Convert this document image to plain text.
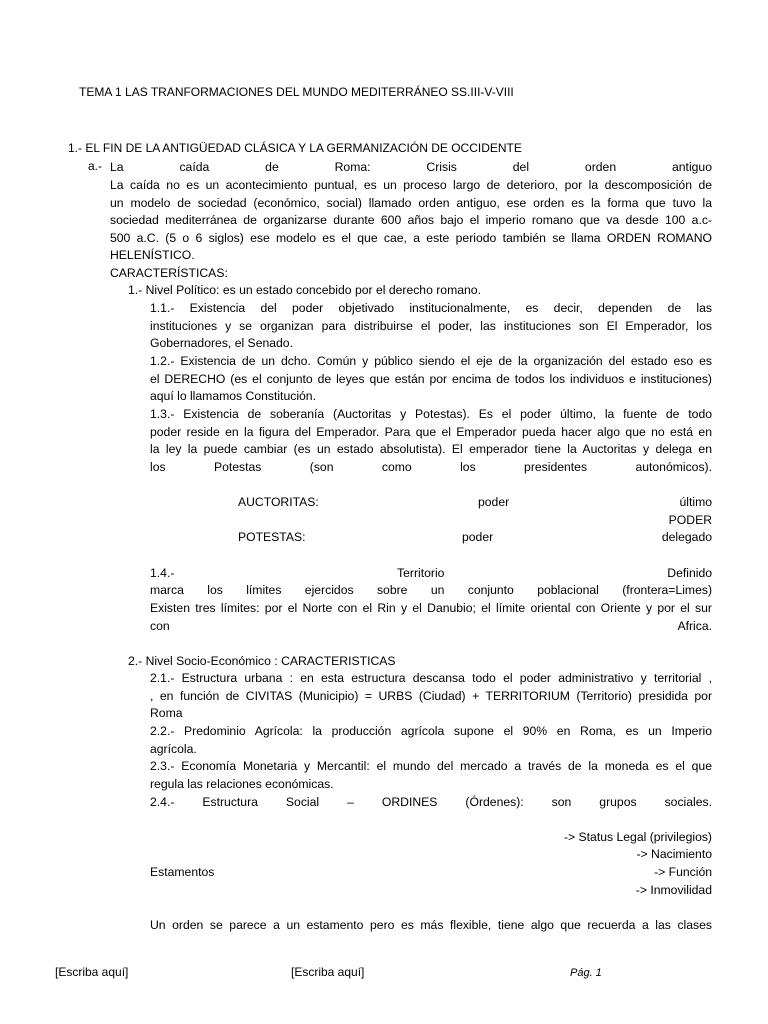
TEMA 1 LAS TRANFORMACIONES DEL MUNDO MEDITERRÁNEO SS.III-V-VIII
1.- EL FIN DE LA ANTIGÜEDAD CLÁSICA Y LA GERMANIZACIÓN DE OCCIDENTE
a.- La caída de Roma: Crisis del orden antiguo
La caída no es un acontecimiento puntual, es un proceso largo de deterioro, por la descomposición de
un modelo de sociedad (económico, social) llamado orden antiguo, ese orden es la forma que tuvo la
sociedad mediterránea de organizarse durante 600 años bajo el imperio romano que va desde 100 a.c-
500 a.C. (5 o 6 siglos) ese modelo es el que cae, a este periodo también se llama ORDEN ROMANO
HELENÍSTICO.
CARACTERÍSTICAS:
1.- Nivel Político: es un estado concebido por el derecho romano.
1.1.- Existencia del poder objetivado institucionalmente, es decir, dependen de las
instituciones y se organizan para distribuirse el poder, las instituciones son El Emperador, los
Gobernadores, el Senado.
1.2.- Existencia de un dcho. Común y público siendo el eje de la organización del estado eso es
el DERECHO (es el conjunto de leyes que están por encima de todos los individuos e instituciones)
aquí lo llamamos Constitución.
1.3.- Existencia de soberanía (Auctoritas y Potestas). Es el poder último, la fuente de todo
poder reside en la figura del Emperador. Para que el Emperador pueda hacer algo que no está en
la ley la puede cambiar (es un estado absolutista). El emperador tiene la Auctoritas y delega en
los Potestas (son como los presidentes autonómicos).
AUCTORITAS:	poder	último
PODER
POTESTAS:	poder	delegado
1.4.- Territorio Definido
marca los límites ejercidos sobre un conjunto poblacional (frontera=Limes)
Existen tres límites: por el Norte con el Rin y el Danubio; el límite oriental con Oriente y por el sur
con Africa.
2.- Nivel Socio-Económico : CARACTERISTICAS
2.1.- Estructura urbana : en esta estructura descansa todo el poder administrativo y territorial ,
, en función de CIVITAS (Municipio) = URBS (Ciudad) + TERRITORIUM (Territorio) presidida por
Roma
2.2.- Predominio Agrícola: la producción agrícola supone el 90% en Roma, es un Imperio
agrícola.
2.3.- Economía Monetaria y Mercantil: el mundo del mercado a través de la moneda es el que
regula las relaciones económicas.
2.4.- Estructura Social – ORDINES (Órdenes): son grupos sociales.
-> Status Legal (privilegios)
-> Nacimiento
Estamentos	-> Función
-> Inmovilidad
Un orden se parece a un estamento pero es más flexible, tiene algo que recuerda a las clases
[Escriba aquí]	[Escriba aquí]	Pág. 1
